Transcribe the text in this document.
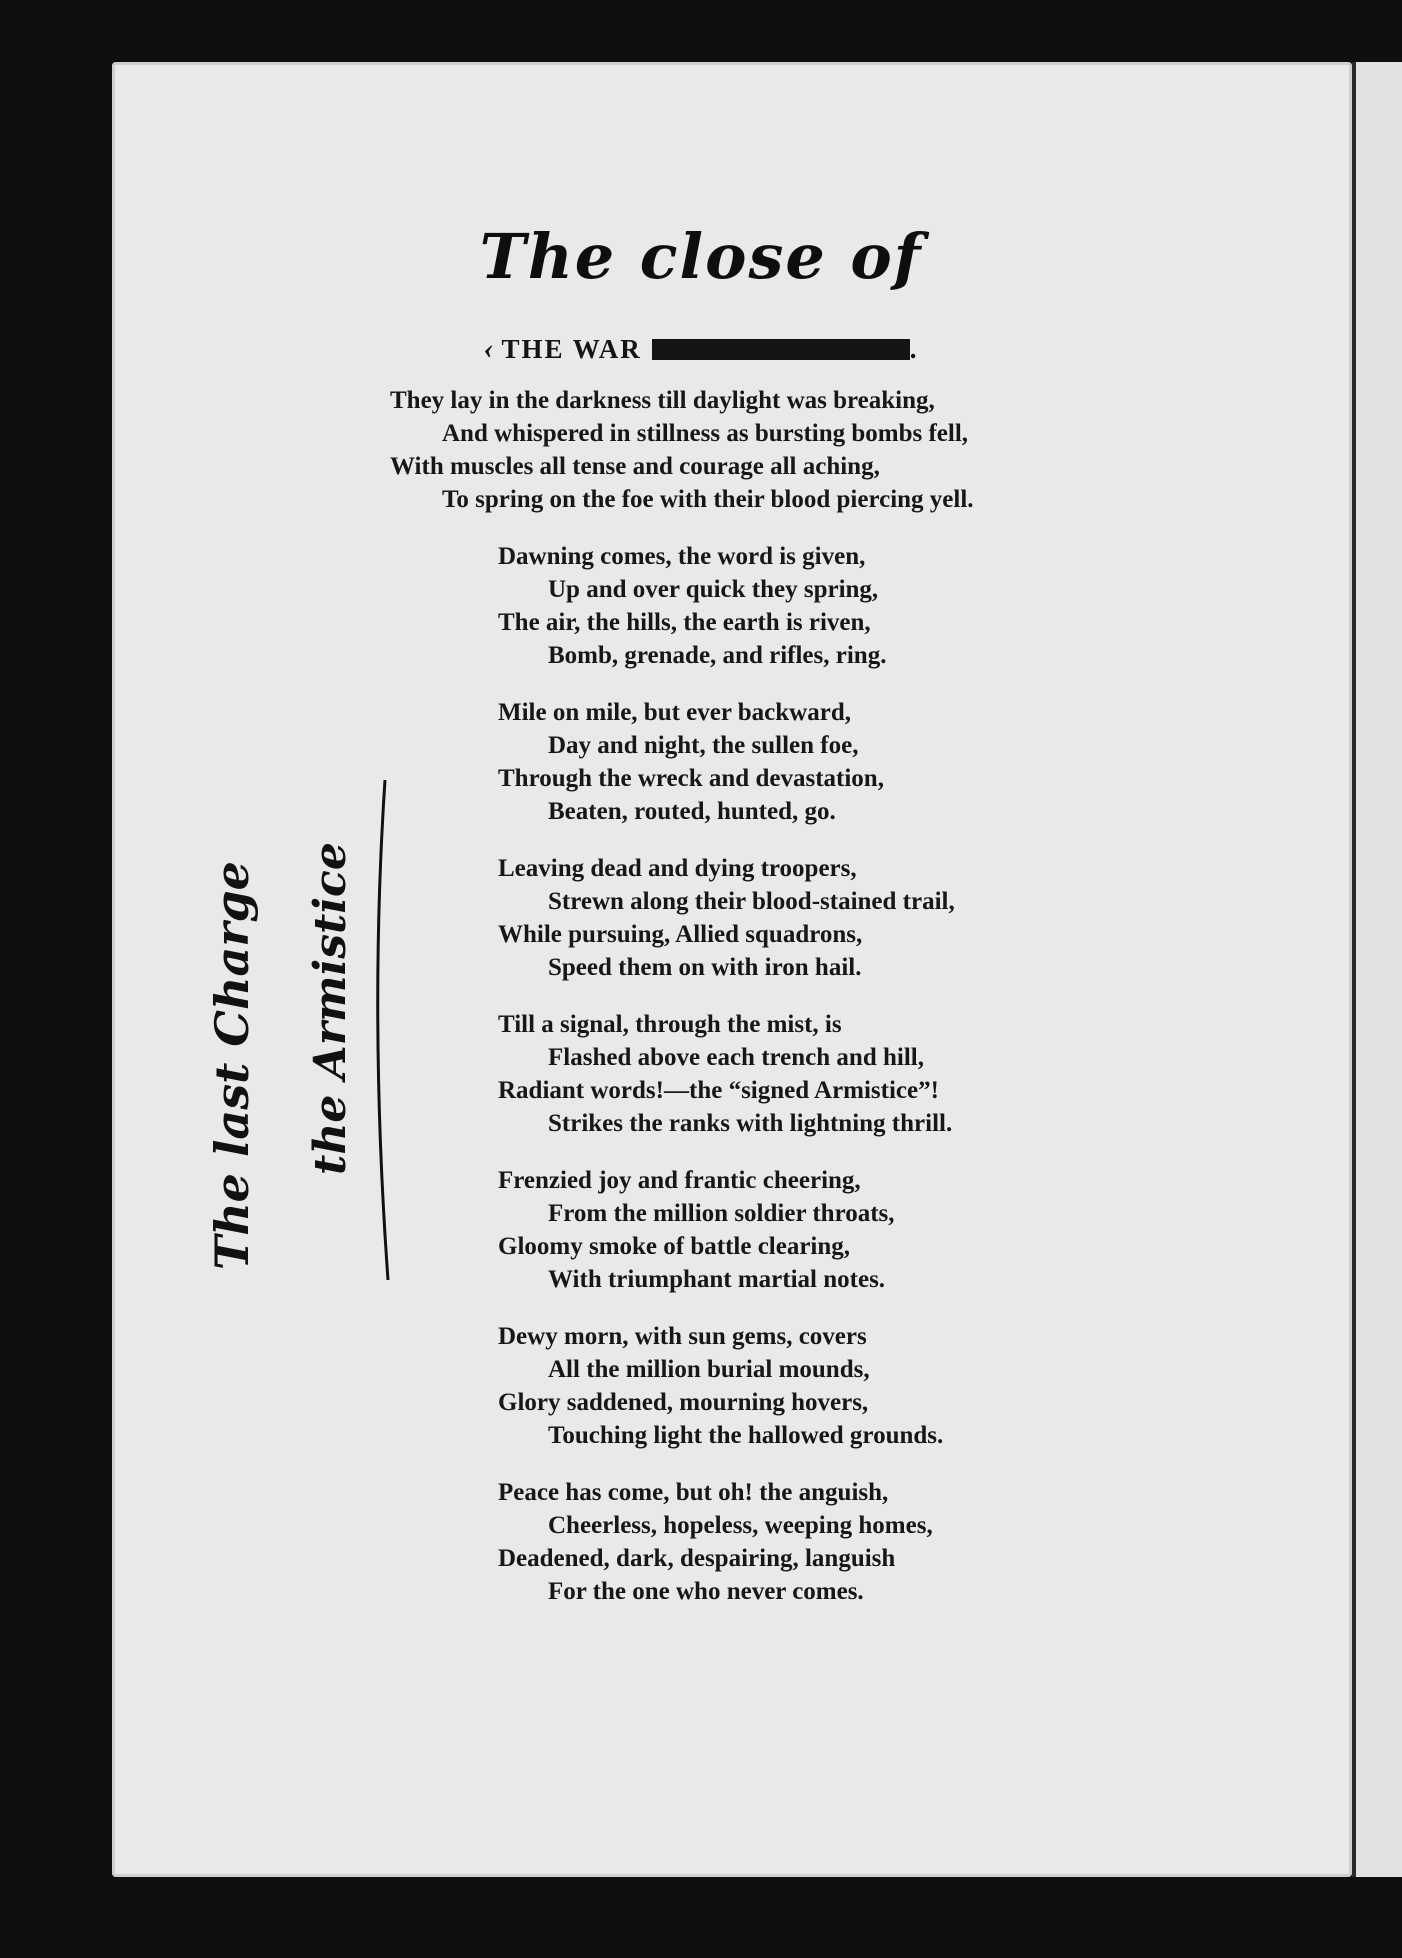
The close of
‹ THE WAR	.
The last Charge the Armistice
They lay in the darkness till daylight was breaking,
And whispered in stillness as bursting bombs fell,
With muscles all tense and courage all aching,
To spring on the foe with their blood piercing yell.
Dawning comes, the word is given,
Up and over quick they spring,
The air, the hills, the earth is riven,
Bomb, grenade, and rifles, ring.
Mile on mile, but ever backward,
Day and night, the sullen foe,
Through the wreck and devastation,
Beaten, routed, hunted, go.
Leaving dead and dying troopers,
Strewn along their blood-stained trail,
While pursuing, Allied squadrons,
Speed them on with iron hail.
Till a signal, through the mist, is
Flashed above each trench and hill,
Radiant words!—the “signed Armistice”!
Strikes the ranks with lightning thrill.
Frenzied joy and frantic cheering,
From the million soldier throats,
Gloomy smoke of battle clearing,
With triumphant martial notes.
Dewy morn, with sun gems, covers
All the million burial mounds,
Glory saddened, mourning hovers,
Touching light the hallowed grounds.
Peace has come, but oh! the anguish,
Cheerless, hopeless, weeping homes,
Deadened, dark, despairing, languish
For the one who never comes.
